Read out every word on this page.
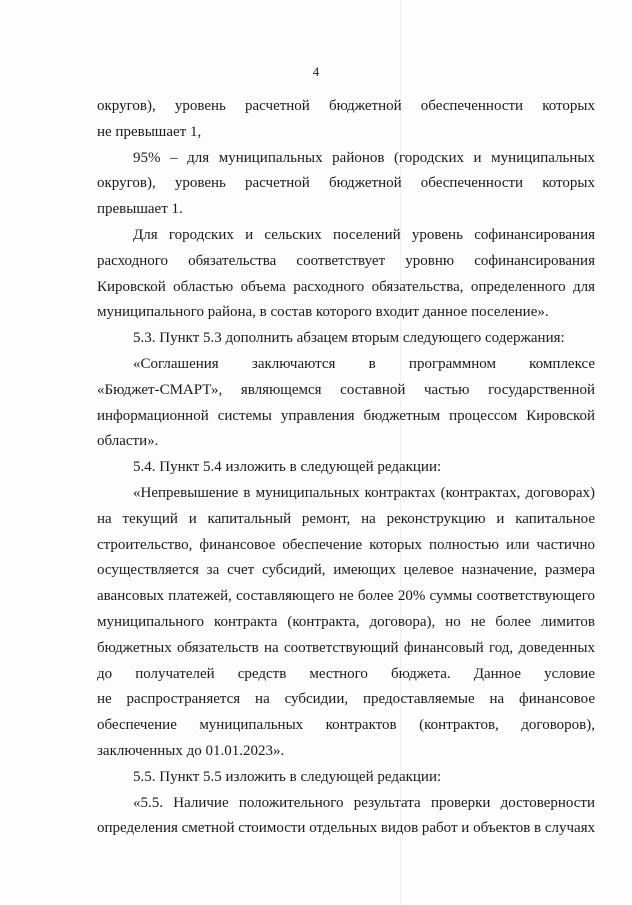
4
округов), уровень расчетной бюджетной обеспеченности которых
не превышает 1,
95% – для муниципальных районов (городских и муниципальных
округов), уровень расчетной бюджетной обеспеченности которых
превышает 1.
Для городских и сельских поселений уровень софинансирования
расходного обязательства соответствует уровню софинансирования
Кировской областью объема расходного обязательства, определенного для
муниципального района, в состав которого входит данное поселение».
5.3. Пункт 5.3 дополнить абзацем вторым следующего содержания:
«Соглашения заключаются в программном комплексе
«Бюджет-СМАРТ», являющемся составной частью государственной
информационной системы управления бюджетным процессом Кировской
области».
5.4. Пункт 5.4 изложить в следующей редакции:
«Непревышение в муниципальных контрактах (контрактах, договорах)
на текущий и капитальный ремонт, на реконструкцию и капитальное
строительство, финансовое обеспечение которых полностью или частично
осуществляется за счет субсидий, имеющих целевое назначение, размера
авансовых платежей, составляющего не более 20% суммы соответствующего
муниципального контракта (контракта, договора), но не более лимитов
бюджетных обязательств на соответствующий финансовый год, доведенных
до получателей средств местного бюджета. Данное условие
не распространяется на субсидии, предоставляемые на финансовое
обеспечение муниципальных контрактов (контрактов, договоров),
заключенных до 01.01.2023».
5.5. Пункт 5.5 изложить в следующей редакции:
«5.5. Наличие положительного результата проверки достоверности
определения сметной стоимости отдельных видов работ и объектов в случаях
